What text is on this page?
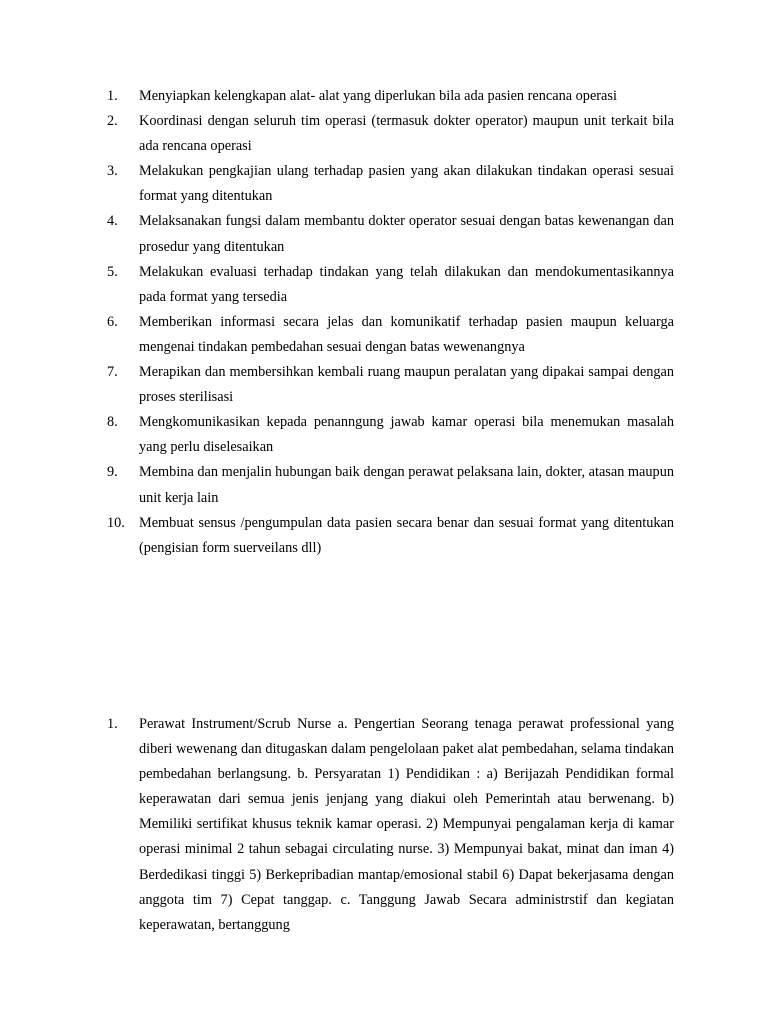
1.	Menyiapkan kelengkapan alat- alat yang diperlukan bila ada pasien rencana operasi
2.	Koordinasi dengan seluruh tim operasi (termasuk dokter operator) maupun unit terkait bila ada rencana operasi
3.	Melakukan pengkajian ulang terhadap pasien yang akan dilakukan tindakan operasi sesuai format yang ditentukan
4.	Melaksanakan fungsi dalam membantu dokter operator sesuai dengan batas kewenangan dan prosedur yang ditentukan
5.	Melakukan evaluasi terhadap tindakan yang telah dilakukan dan mendokumentasikannya pada format yang tersedia
6.	Memberikan informasi secara jelas dan komunikatif terhadap pasien maupun keluarga mengenai tindakan pembedahan sesuai dengan batas wewenangnya
7.	Merapikan dan membersihkan kembali ruang maupun peralatan yang dipakai sampai dengan proses sterilisasi
8.	Mengkomunikasikan kepada penanngung jawab kamar operasi bila menemukan masalah yang perlu diselesaikan
9.	Membina dan menjalin hubungan baik dengan perawat pelaksana lain, dokter, atasan maupun unit kerja lain
10. Membuat sensus /pengumpulan data pasien secara benar dan sesuai format yang ditentukan (pengisian form suerveilans dll)
1.	Perawat Instrument/Scrub Nurse a. Pengertian Seorang tenaga perawat professional yang diberi wewenang dan ditugaskan dalam pengelolaan paket alat pembedahan, selama tindakan pembedahan berlangsung. b. Persyaratan 1) Pendidikan : a) Berijazah Pendidikan formal keperawatan dari semua jenis jenjang yang diakui oleh Pemerintah atau berwenang. b) Memiliki sertifikat khusus teknik kamar operasi. 2) Mempunyai pengalaman kerja di kamar operasi minimal 2 tahun sebagai circulating nurse. 3) Mempunyai bakat, minat dan iman 4) Berdedikasi tinggi 5) Berkepribadian mantap/emosional stabil 6) Dapat bekerjasama dengan anggota tim 7) Cepat tanggap. c. Tanggung Jawab Secara administrstif dan kegiatan keperawatan, bertanggung
